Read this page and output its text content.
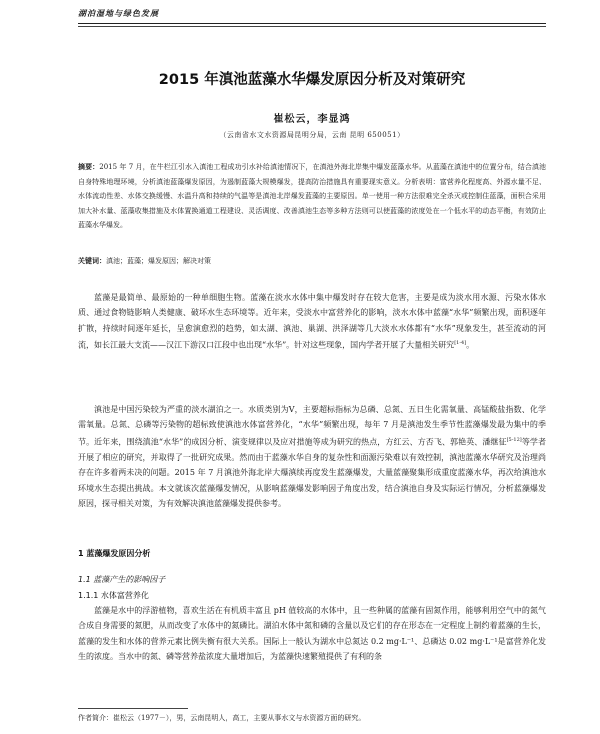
湖泊湿地与绿色发展
2015 年滇池蓝藻水华爆发原因分析及对策研究
崔松云，李显鸿
（云南省水文水资源局昆明分局，云南 昆明 650051）
摘要：2015 年 7 月，在牛栏江引水入滇池工程成功引水补给滇池情况下，在滇池外海北岸集中爆发蓝藻水华。从蓝藻在滇池中的位置分布，结合滇池自身特殊地理环境，分析滇池蓝藻爆发原因，为遏制蓝藻大规模爆发，提高防治措施具有重要现实意义。分析表明：富营养化程度高、外源水量不足、水体流动性差、水体交换缓慢、水温升高和持续的气温等是滇池北岸爆发蓝藻的主要原因。单一使用一种方法很难完全杀灭或控制住蓝藻，面积合采用加大补水量、蓝藻收集措施及水体置换通道工程建设、灵活调度、改善滇池生态等多种方法则可以使蓝藻的浓度处在一个低水平的动态平衡，有效防止蓝藻水华爆发。
关键词：滇池；蓝藻；爆发原因；解决对策

蓝藻是最简单、最原始的一种单细胞生物。蓝藻在淡水水体中集中爆发时存在较大危害，主要是成为淡水用水源、污染水体水质、通过食物链影响人类健康、破坏水生态环境等。近年来，受淡水中富营养化的影响，淡水水体中蓝藻“水华”频繁出现，面积逐年扩散，持续时间逐年延长，呈愈演愈烈的趋势，如太湖、滇池、巢湖、洪泽湖等几大淡水水体都有“水华”现象发生，甚至流动的河流，如长江最大支流——汉江下游汉口江段中也出现“水华”。针对这些现象，国内学者开展了大量相关研究[1-4]。

滇池是中国污染较为严重的淡水湖泊之一。水质类别为Ⅴ，主要超标指标为总磷、总氮、五日生化需氧量、高锰酸盐指数、化学需氧量。总氮、总磷等污染物的超标致使滇池水体富营养化，“水华”频繁出现，每年 7 月是滇池发生季节性蓝藻爆发最为集中的季节。近年来，围绕滇池“水华”的成因分析、演变规律以及应对措施等成为研究的热点，方红云、方否飞、郭艳英、潘继征[5-12]等学者开展了相应的研究，并取得了一批研究成果。然而由于蓝藻水华自身的复杂性和面源污染难以有效控制，滇池蓝藻水华研究及治理尚存在许多着两未决的问题。2015 年 7 月滇池外海北岸大爆滇续再度发生蓝藻爆发，大量蓝藻聚集形成重度蓝藻水华，再次给滇池水环境水生态提出挑战。本文就该次蓝藻爆发情况，从影响蓝藻爆发影响因子角度出发，结合滇池自身及实际运行情况，分析蓝藻爆发原因，探寻相关对策，为有效解决滇池蓝藻爆发提供参考。

1 蓝藻爆发原因分析
1.1 蓝藻产生的影响因子
1.1.1 水体富营养化

蓝藻是水中的浮游植物，喜欢生活在有机质丰富且 pH 值较高的水体中，且一些种属的蓝藻有固氮作用，能够利用空气中的氮气合成自身需要的氮肥，从而改变了水体中的氮磷比。湖泊水体中氮和磷的含量以及它们的存在形态在一定程度上制约着蓝藻的生长，蓝藻的发生和水体的营养元素比例失衡有很大关系。国际上一般认为湖水中总氮达 0.2 mg·L⁻¹、总磷达 0.02 mg·L⁻¹是富营养化发生的浓度。当水中的氮、磷等营养盐浓度大量增加后，为蓝藻快速繁殖提供了有利的条

作者简介：崔松云（1977－），男，云南昆明人，高工，主要从事水文与水资源方面的研究。
